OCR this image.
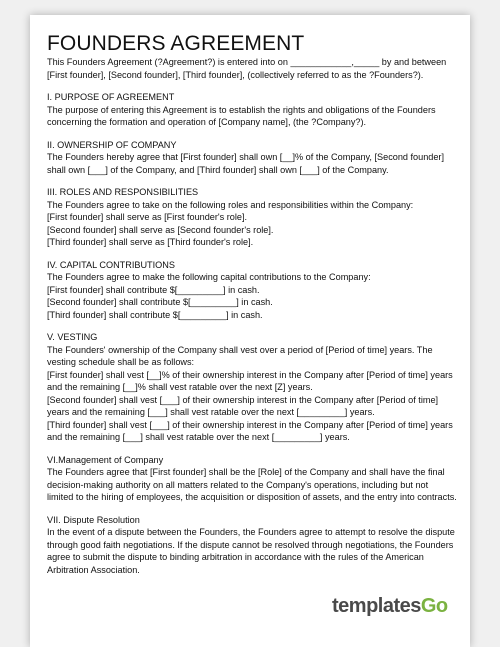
FOUNDERS AGREEMENT

This Founders Agreement (?Agreement?) is entered into on ____________,_____ by and between [First founder], [Second founder], [Third founder], (collectively referred to as the ?Founders?).

I. PURPOSE OF AGREEMENT

The purpose of entering this Agreement is to establish the rights and obligations of the Founders concerning the formation and operation of [Company name], (the ?Company?).

II. OWNERSHIP OF COMPANY

The Founders hereby agree that [First founder] shall own [__]% of the Company, [Second founder] shall own [___] of the Company, and [Third founder] shall own [___] of the Company.

III. ROLES AND RESPONSIBILITIES

The Founders agree to take on the following roles and responsibilities within the Company:

[First founder] shall serve as [First founder's role].

[Second founder] shall serve as [Second founder's role].

[Third founder] shall serve as [Third founder's role].

IV. CAPITAL CONTRIBUTIONS

The Founders agree to make the following capital contributions to the Company:

[First founder] shall contribute $[_________] in cash.

[Second founder] shall contribute $[_________] in cash.

[Third founder] shall contribute $[_________] in cash.

V. VESTING

The Founders' ownership of the Company shall vest over a period of [Period of time] years. The vesting schedule shall be as follows:

[First founder] shall vest [__]% of their ownership interest in the Company after [Period of time] years and the remaining [__]% shall vest ratable over the next [Z] years.

[Second founder] shall vest [___] of their ownership interest in the Company after [Period of time] years and the remaining [___] shall vest ratable over the next [_________] years.

[Third founder] shall vest [___] of their ownership interest in the Company after [Period of time] years and the remaining [___] shall vest ratable over the next [_________] years.

VI.Management of Company

The Founders agree that [First founder] shall be the [Role] of the Company and shall have the final decision-making authority on all matters related to the Company's operations, including but not limited to the hiring of employees, the acquisition or disposition of assets, and the entry into contracts.

VII. Dispute Resolution

In the event of a dispute between the Founders, the Founders agree to attempt to resolve the dispute through good faith negotiations. If the dispute cannot be resolved through negotiations, the Founders agree to submit the dispute to binding arbitration in accordance with the rules of the American Arbitration Association.

templatesGo
